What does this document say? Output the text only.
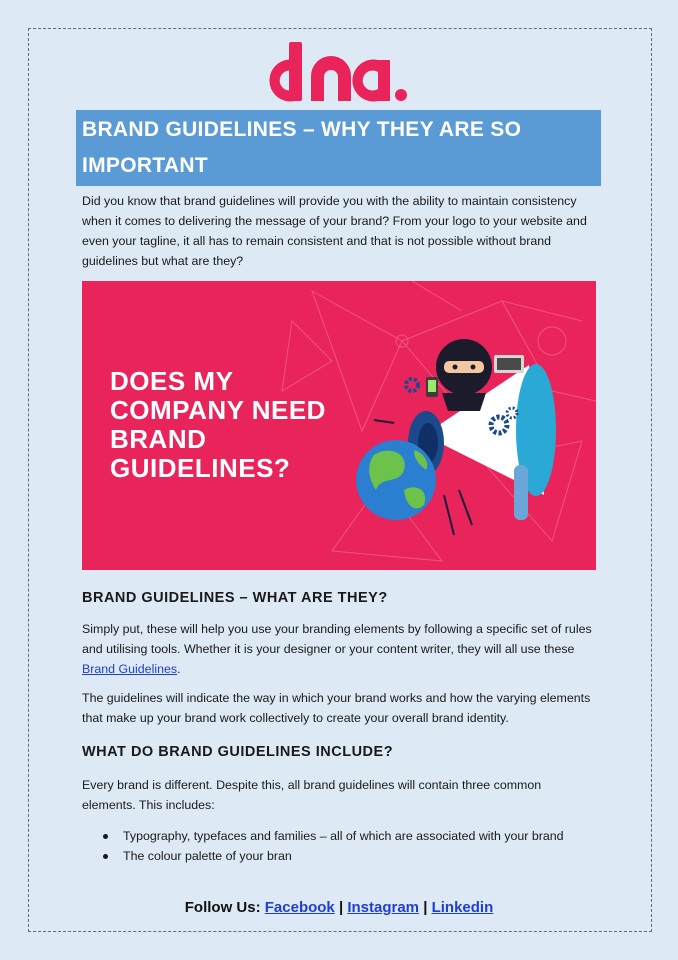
BRAND GUIDELINES – WHY THEY ARE SO IMPORTANT

Did you know that brand guidelines will provide you with the ability to maintain consistency when it comes to delivering the message of your brand? From your logo to your website and even your tagline, it all has to remain consistent and that is not possible without brand guidelines but what are they?

DOES MY
COMPANY NEED
BRAND
GUIDELINES?

BRAND GUIDELINES – WHAT ARE THEY?

Simply put, these will help you use your branding elements by following a specific set of rules and utilising tools. Whether it is your designer or your content writer, they will all use these Brand Guidelines.

The guidelines will indicate the way in which your brand works and how the varying elements that make up your brand work collectively to create your overall brand identity.

WHAT DO BRAND GUIDELINES INCLUDE?

Every brand is different. Despite this, all brand guidelines will contain three common elements. This includes:

Typography, typefaces and families – all of which are associated with your brand
The colour palette of your bran
Follow Us: Facebook | Instagram | Linkedin
